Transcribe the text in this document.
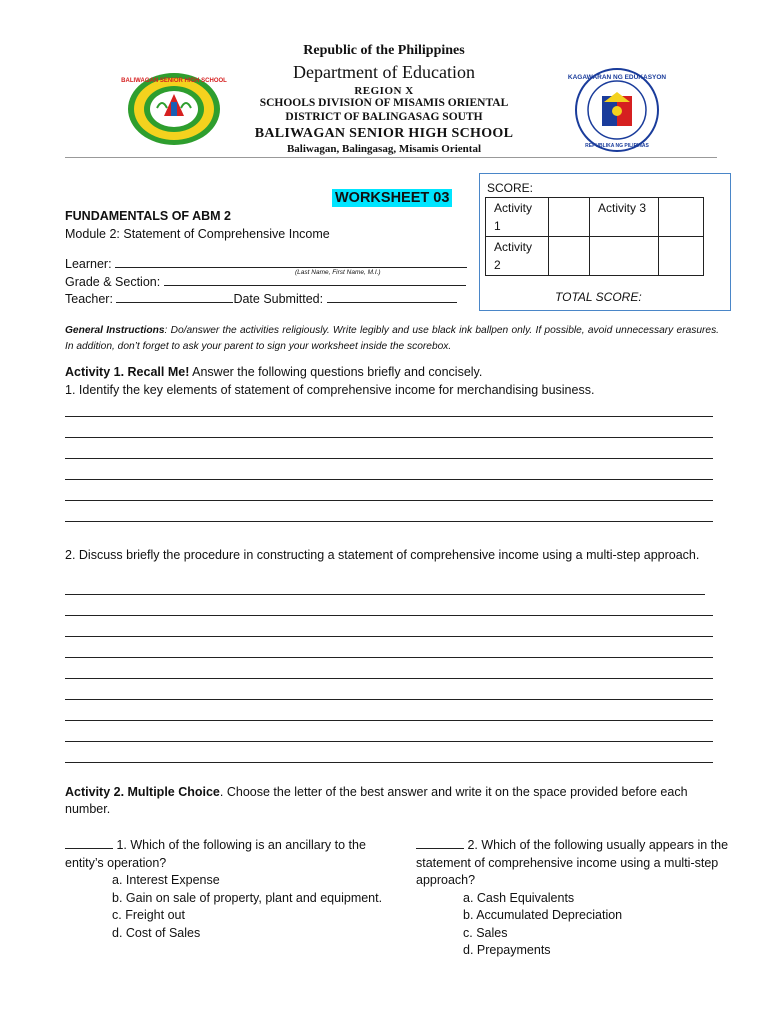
Republic of the Philippines
Department of Education
REGION X
SCHOOLS DIVISION OF MISAMIS ORIENTAL
DISTRICT OF BALINGASAG SOUTH
BALIWAGAN SENIOR HIGH SCHOOL
Baliwagan, Balingasag, Misamis Oriental
BALIWAGAN SENIOR HIGH SCHOOL	KAGAWARAN NG EDUKASYON
REPUBLIKA NG PILIPINAS
WORKSHEET 03
FUNDAMENTALS OF ABM 2
Module 2: Statement of Comprehensive Income
Learner:
(Last Name, First Name, M.I.)
Grade & Section:
Teacher:	Date Submitted:
SCORE:
Activity 1		Activity 3	
Activity 2			
TOTAL SCORE:
General Instructions: Do/answer the activities religiously. Write legibly and use black ink ballpen only. If possible, avoid unnecessary erasures. In addition, don’t forget to ask your parent to sign your worksheet inside the scorebox.
Activity 1. Recall Me! Answer the following questions briefly and concisely.
1. Identify the key elements of statement of comprehensive income for merchandising business.
2. Discuss briefly the procedure in constructing a statement of comprehensive income using a multi-step approach.
Activity 2. Multiple Choice. Choose the letter of the best answer and write it on the space provided before each number.
1. Which of the following is an ancillary to the entity’s operation?
a. Interest Expense
b. Gain on sale of property, plant and equipment.
c. Freight out
d. Cost of Sales
2. Which of the following usually appears in the statement of comprehensive income using a multi-step approach?
a. Cash Equivalents
b. Accumulated Depreciation
c. Sales
d. Prepayments
